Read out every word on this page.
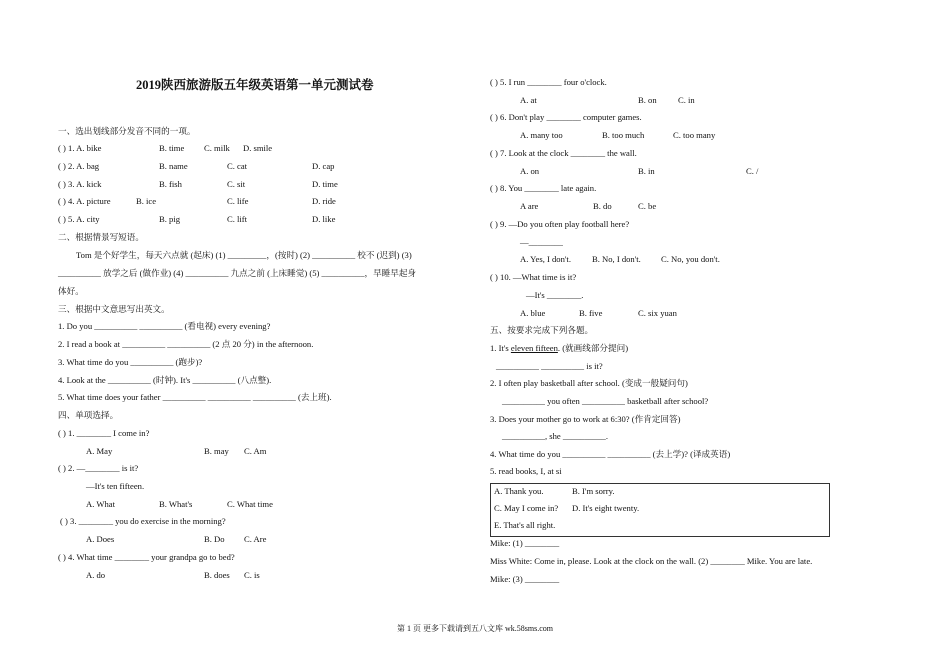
2019陕西旅游版五年级英语第一单元测试卷
一、选出划线部分发音不同的一项。
( ) 1. A. bike	B. time C. milk D. smile
( ) 2. A. bag	B. name	C. cat	D. cap
( ) 3. A. kick	B. fish	C. sit	D. time
( ) 4. A. picture	B. ice	C. life	D. ride
( ) 5. A. city	B. pig	C. lift	D. like
二、根据情景写短语。
Tom 是个好学生，每天六点就 (起床) (1) _________，(按时) (2) __________ 校不 (迟到) (3)
__________ 放学之后 (做作业) (4) __________ 九点之前 (上床睡觉) (5) __________，早睡早起身
体好。
三、根据中文意思写出英文。
1. Do you __________ __________ (看电视) every evening?
2. I read a book at __________ __________ (2 点 20 分) in the afternoon.
3. What time do you __________ (跑步)?
4. Look at the __________ (时钟). It's __________ (八点整).
5. What time does your father __________ __________ __________ (去上班).
四、单项选择。
( ) 1. ________ I come in?
A. May	B. may C. Am
( ) 2. —________ is it?
—It's ten fifteen.
A. What	B. What's	C. What time
( ) 3. ________ you do exercise in the morning?
A. Does	B. Do C. Are
( ) 4. What time ________ your grandpa go to bed?
A. do	B. does C. is
( ) 5. I run ________ four o'clock.
A. at	B. on C. in
( ) 6. Don't play ________ computer games.
A. many too	B. too much	C. too many
( ) 7. Look at the clock ________ the wall.
A. on	B. in	C. /
( ) 8. You ________ late again.
A are	B. do	C. be
( ) 9. —Do you often play football here?
—________
A. Yes, I don't. B. No, I don't. C. No, you don't.
( ) 10. —What time is it?
—It's ________.
A. blue	B. five	C. six yuan
五、按要求完成下列各题。
1. It's eleven fifteen. (就画线部分提问)
__________ __________ is it?
2. I often play basketball after school. (变成一般疑问句)
__________ you often __________ basketball after school?
3. Does your mother go to work at 6:30? (作肯定回答)
__________, she __________.
4. What time do you __________ __________ (去上学)? (译成英语)
5. read books, I, at si
A. Thank you.	B. I'm sorry.
C. May I come in? D. It's eight twenty.
E. That's all right.
Mike: (1) ________
Miss White: Come in, please. Look at the clock on the wall. (2) ________ Mike. You are late.
Mike: (3) ________
第 1 页 更多下载请到五八文库 wk.58sms.com
